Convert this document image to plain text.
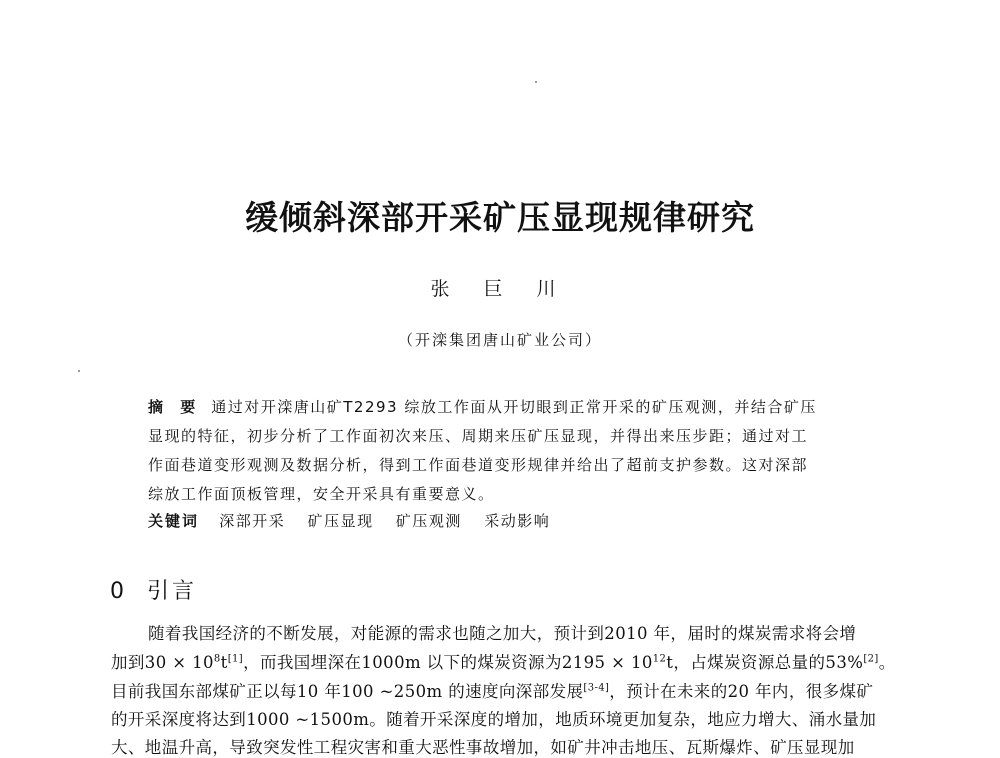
缓倾斜深部开采矿压显现规律研究
张 巨 川
（开滦集团唐山矿业公司）
摘 要 通过对开滦唐山矿T2293 综放工作面从开切眼到正常开采的矿压观测，并结合矿压
显现的特征，初步分析了工作面初次来压、周期来压矿压显现，并得出来压步距；通过对工
作面巷道变形观测及数据分析，得到工作面巷道变形规律并给出了超前支护参数。这对深部
综放工作面顶板管理，安全开采具有重要意义。
关键词 深部开采 矿压显现 矿压观测 采动影响
0 引言
随着我国经济的不断发展，对能源的需求也随之加大，预计到2010 年，届时的煤炭需求将会增
加到$30 \times 10^8t[1]$，而我国埋深在1000m 以下的煤炭资源为$2195 \times 10^{12}t$，占煤炭资源总量的53%[2]。
目前我国东部煤矿正以每10 年100 ~250m 的速度向深部发展[3-4]，预计在未来的20 年内，很多煤矿
的开采深度将达到1000 ~1500m。随着开采深度的增加，地质环境更加复杂，地应力增大、涌水量加
大、地温升高，导致突发性工程灾害和重大恶性事故增加，如矿井冲击地压、瓦斯爆炸、矿压显现加
